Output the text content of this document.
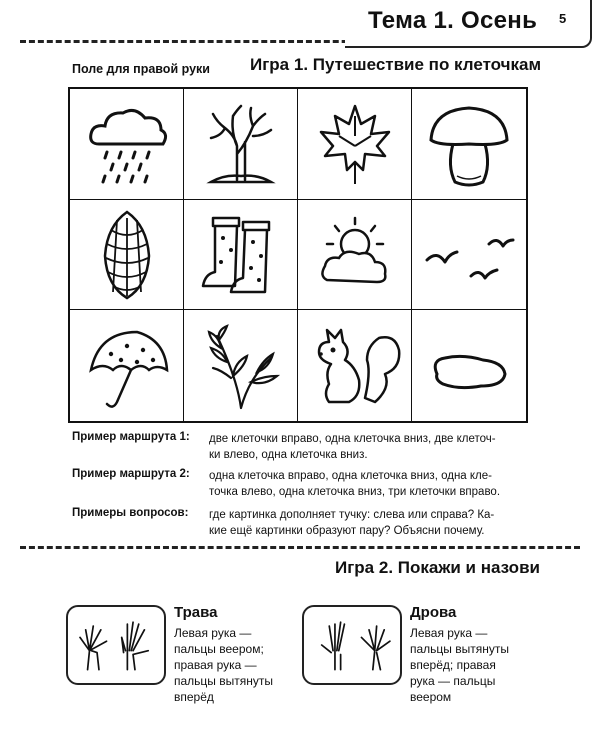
Тема 1. Осень 5
Поле для правой руки Игра 1. Путешествие по клеточкам
Пример маршрута 1: две клеточки вправо, одна клеточка вниз, две клеточ-
ки влево, одна клеточка вниз.
Пример маршрута 2: одна клеточка вправо, одна клеточка вниз, одна кле-
точка влево, одна клеточка вниз, три клеточки вправо.
Примеры вопросов: где картинка дополняет тучку: слева или справа? Ка-
кие ещё картинки образуют пару? Объясни почему.
Игра 2. Покажи и назови
Трава
Левая рука —
пальцы веером;
правая рука —
пальцы вытянуты
вперёд
Дрова
Левая рука —
пальцы вытянуты
вперёд; правая
рука — пальцы
веером
